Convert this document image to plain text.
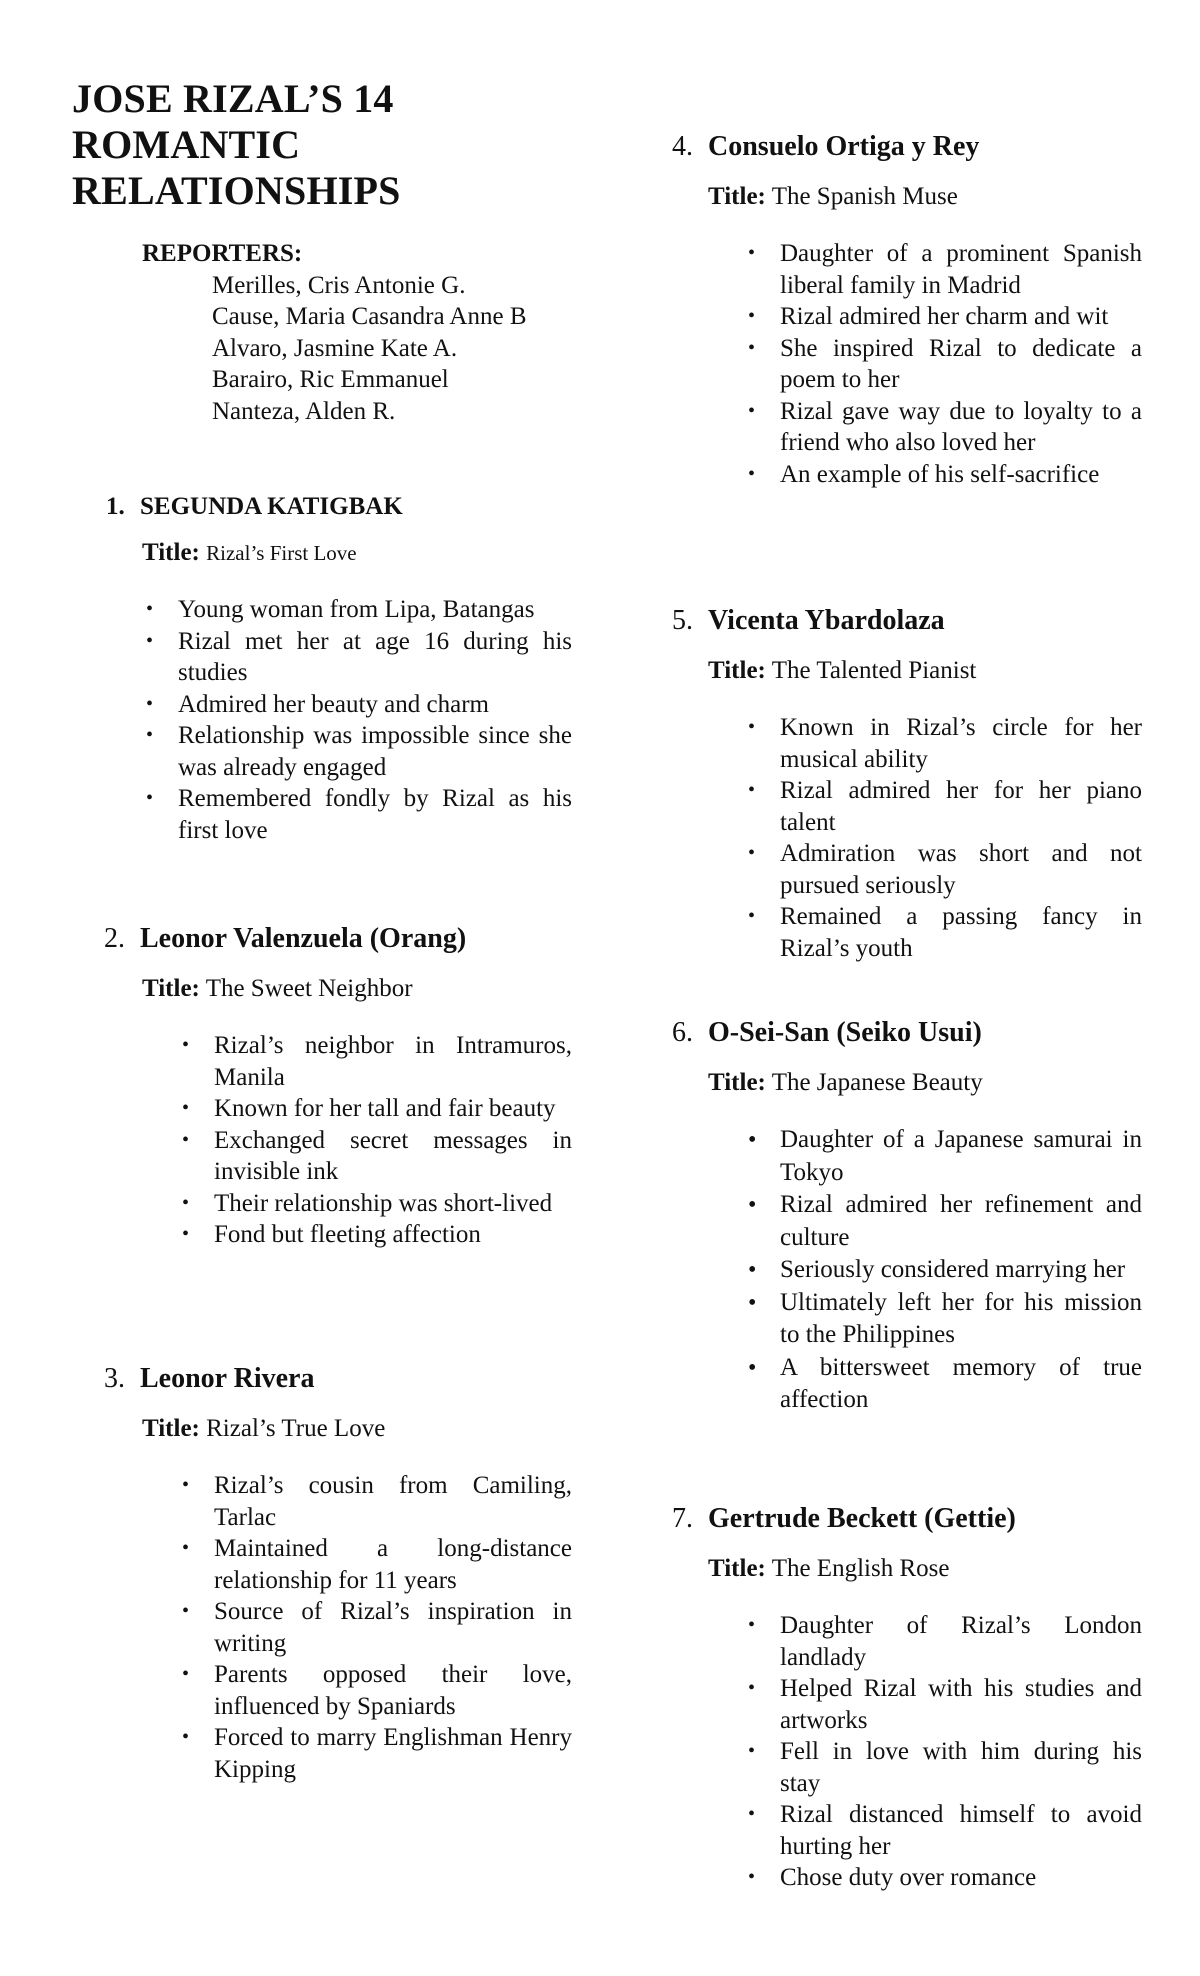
JOSE RIZAL’S 14
ROMANTIC
RELATIONSHIPS
REPORTERS:
Merilles, Cris Antonie G.
Cause, Maria Casandra Anne B
Alvaro, Jasmine Kate A.
Barairo, Ric Emmanuel
Nanteza, Alden R.
1. SEGUNDA KATIGBAK
Title: Rizal’s First Love
• Young woman from Lipa, Batangas
• Rizal met her at age 16 during his studies
• Admired her beauty and charm
• Relationship was impossible since she was already engaged
• Remembered fondly by Rizal as his first love
2. Leonor Valenzuela (Orang)
Title: The Sweet Neighbor
• Rizal’s neighbor in Intramuros, Manila
• Known for her tall and fair beauty
• Exchanged secret messages in invisible ink
• Their relationship was short-lived
• Fond but fleeting affection
3. Leonor Rivera
Title: Rizal’s True Love
• Rizal’s cousin from Camiling, Tarlac
• Maintained a long-distance relationship for 11 years
• Source of Rizal’s inspiration in writing
• Parents opposed their love, influenced by Spaniards
• Forced to marry Englishman Henry Kipping
4. Consuelo Ortiga y Rey
Title: The Spanish Muse
• Daughter of a prominent Spanish liberal family in Madrid
• Rizal admired her charm and wit
• She inspired Rizal to dedicate a poem to her
• Rizal gave way due to loyalty to a friend who also loved her
• An example of his self-sacrifice
5. Vicenta Ybardolaza
Title: The Talented Pianist
• Known in Rizal’s circle for her musical ability
• Rizal admired her for her piano talent
• Admiration was short and not pursued seriously
• Remained a passing fancy in Rizal’s youth
6. O-Sei-San (Seiko Usui)
Title: The Japanese Beauty
• Daughter of a Japanese samurai in Tokyo
• Rizal admired her refinement and culture
• Seriously considered marrying her
• Ultimately left her for his mission to the Philippines
• A bittersweet memory of true affection
7. Gertrude Beckett (Gettie)
Title: The English Rose
• Daughter of Rizal’s London landlady
• Helped Rizal with his studies and artworks
• Fell in love with him during his stay
• Rizal distanced himself to avoid hurting her
• Chose duty over romance
